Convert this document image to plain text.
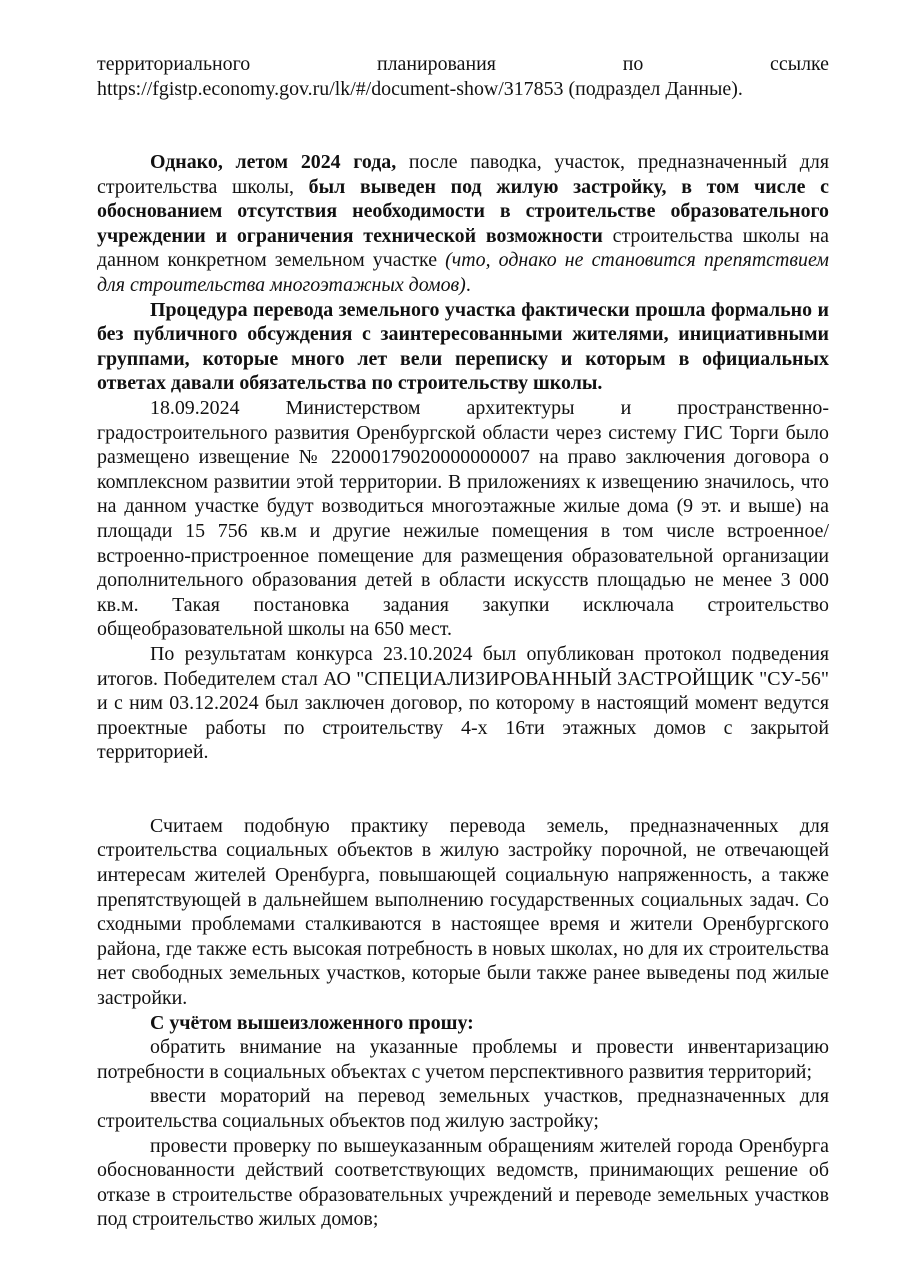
территориального планирования по ссылке

https://fgistp.economy.gov.ru/lk/#/document-show/317853 (подраздел Данные).

Однако, летом 2024 года, после паводка, участок, предназначенный для строительства школы, был выведен под жилую застройку, в том числе с обоснованием отсутствия необходимости в строительстве образовательного учреждении и ограничения технической возможности строительства школы на данном конкретном земельном участке (что, однако не становится препятствием для строительства многоэтажных домов).

Процедура перевода земельного участка фактически прошла формально и без публичного обсуждения с заинтересованными жителями, инициативными группами, которые много лет вели переписку и которым в официальных ответах давали обязательства по строительству школы.

18.09.2024 Министерством архитектуры и пространственно-градостроительного развития Оренбургской области через систему ГИС Торги было размещено извещение № 22000179020000000007 на право заключения договора о комплексном развитии этой территории. В приложениях к извещению значилось, что на данном участке будут возводиться многоэтажные жилые дома (9 эт. и выше) на площади 15 756 кв.м и другие нежилые помещения в том числе встроенное/встроенно-пристроенное помещение для размещения образовательной организации дополнительного образования детей в области искусств площадью не менее 3 000 кв.м. Такая постановка задания закупки исключала строительство общеобразовательной школы на 650 мест.

По результатам конкурса 23.10.2024 был опубликован протокол подведения итогов. Победителем стал АО "СПЕЦИАЛИЗИРОВАННЫЙ ЗАСТРОЙЩИК "СУ-56" и с ним 03.12.2024 был заключен договор, по которому в настоящий момент ведутся проектные работы по строительству 4-х 16ти этажных домов с закрытой территорией.

Считаем подобную практику перевода земель, предназначенных для строительства социальных объектов в жилую застройку порочной, не отвечающей интересам жителей Оренбурга, повышающей социальную напряженность, а также препятствующей в дальнейшем выполнению государственных социальных задач. Со сходными проблемами сталкиваются в настоящее время и жители Оренбургского района, где также есть высокая потребность в новых школах, но для их строительства нет свободных земельных участков, которые были также ранее выведены под жилые застройки.

С учётом вышеизложенного прошу:

обратить внимание на указанные проблемы и провести инвентаризацию потребности в социальных объектах с учетом перспективного развития территорий;

ввести мораторий на перевод земельных участков, предназначенных для строительства социальных объектов под жилую застройку;

провести проверку по вышеуказанным обращениям жителей города Оренбурга обоснованности действий соответствующих ведомств, принимающих решение об отказе в строительстве образовательных учреждений и переводе земельных участков под строительство жилых домов;
